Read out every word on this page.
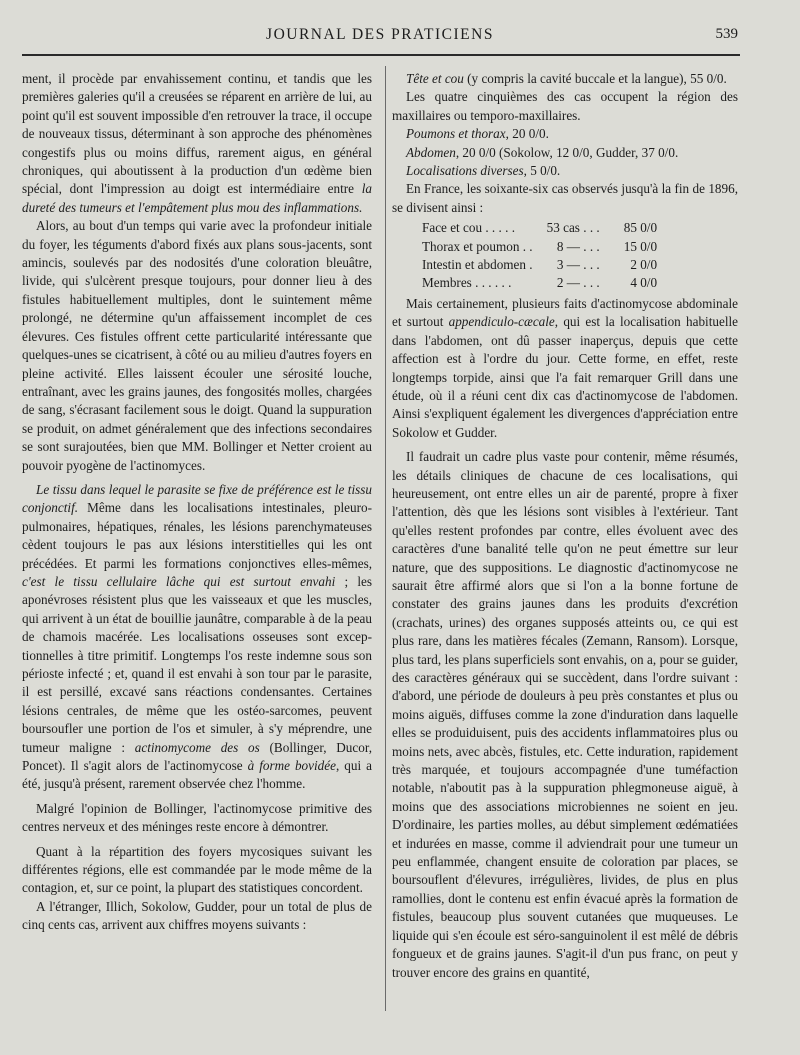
JOURNAL DES PRATICIENS	539

ment, il procède par envahissement continu, et tandis que les premières galeries qu'il a creusées se réparent en arrière de lui, au point qu'il est souvent impossible d'en retrouver la trace, il occupe de nouveaux tissus, déterminant à son approche des phénomènes congestifs plus ou moins diffus, rarement aigus, en général chroniques, qui aboutissent à la production d'un œdème bien spécial, dont l'impression au doigt est intermédiaire entre la dureté des tumeurs et l'empâtement plus mou des inflammations.

Alors, au bout d'un temps qui varie avec la profondeur initiale du foyer, les téguments d'abord fixés aux plans sous-jacents, sont amincis, soulevés par des nodosités d'une coloration bleuâtre, livide, qui s'ulcèrent presque toujours, pour donner lieu à des fistules habituellement multiples, dont le suintement même prolongé, ne détermine qu'un affaissement incomplet de ces élevures. Ces fistules offrent cette particularité intéressante que quelques-unes se cicatrisent, à côté ou au milieu d'autres foyers en pleine activité. Elles laissent écouler une sérosité louche, entraînant, avec les grains jaunes, des fongosités molles, chargées de sang, s'écrasant facilement sous le doigt. Quand la suppuration se produit, on admet généralement que des infections secondaires se sont surajoutées, bien que MM. Bollinger et Netter croient au pouvoir pyogène de l'actinomyces.

Le tissu dans lequel le parasite se fixe de préférence est le tissu conjonctif. Même dans les localisations intestinales, pleuro-pulmonaires, hépatiques, rénales, les lésions parenchymateuses cèdent toujours le pas aux lésions interstitielles qui les ont précédées. Et parmi les formations conjonctives elles-mêmes, c'est le tissu cellulaire lâche qui est surtout envahi ; les aponévroses résistent plus que les vaisseaux et que les muscles, qui arrivent à un état de bouillie jaunâtre, comparable à de la peau de chamois macérée. Les localisations osseuses sont exceptionnelles à titre primitif. Longtemps l'os reste indemne sous son périoste infecté ; et, quand il est envahi à son tour par le parasite, il est persillé, excavé sans réactions condensantes. Certaines lésions centrales, de même que les ostéo-sarcomes, peuvent boursoufler une portion de l'os et simuler, à s'y méprendre, une tumeur maligne : actinomycome des os (Bollinger, Ducor, Poncet). Il s'agit alors de l'actinomycose à forme bovidée, qui a été, jusqu'à présent, rarement observée chez l'homme.

Malgré l'opinion de Bollinger, l'actinomycose primitive des centres nerveux et des méninges reste encore à démontrer.

Quant à la répartition des foyers mycosiques suivant les différentes régions, elle est commandée par le mode même de la contagion, et, sur ce point, la plupart des statistiques concordent.

A l'étranger, Illich, Sokolow, Gudder, pour un total de plus de cinq cents cas, arrivent aux chiffres moyens suivants :

Tête et cou (y compris la cavité buccale et la langue), 55 0/0.

Les quatre cinquièmes des cas occupent la région des maxillaires ou temporo-maxillaires.

Poumons et thorax, 20 0/0.

Abdomen, 20 0/0 (Sokolow, 12 0/0, Gudder, 37 0/0.

Localisations diverses, 5 0/0.

En France, les soixante-six cas observés jusqu'à la fin de 1896, se divisent ainsi :

Face et cou . . . . .	53 cas . . .	85 0/0
Thorax et poumon . .	8 — . . .	15 0/0
Intestin et abdomen .	3 — . . .	2 0/0
Membres . . . . . .	2 — . . .	4 0/0

Mais certainement, plusieurs faits d'actinomycose abdominale et surtout appendiculo-cæcale, qui est la localisation habituelle dans l'abdomen, ont dû passer inaperçus, depuis que cette affection est à l'ordre du jour. Cette forme, en effet, reste longtemps torpide, ainsi que l'a fait remarquer Grill dans une étude, où il a réuni cent dix cas d'actinomycose de l'abdomen. Ainsi s'expliquent également les divergences d'appréciation entre Sokolow et Gudder.

Il faudrait un cadre plus vaste pour contenir, même résumés, les détails cliniques de chacune de ces localisations, qui heureusement, ont entre elles un air de parenté, propre à fixer l'attention, dès que les lésions sont visibles à l'extérieur. Tant qu'elles restent profondes par contre, elles évoluent avec des caractères d'une banalité telle qu'on ne peut émettre sur leur nature, que des suppositions. Le diagnostic d'actinomycose ne saurait être affirmé alors que si l'on a la bonne fortune de constater des grains jaunes dans les produits d'excrétion (crachats, urines) des organes supposés atteints ou, ce qui est plus rare, dans les matières fécales (Zemann, Ransom). Lorsque, plus tard, les plans superficiels sont envahis, on a, pour se guider, des caractères généraux qui se succèdent, dans l'ordre suivant : d'abord, une période de douleurs à peu près constantes et plus ou moins aiguës, diffuses comme la zone d'induration dans laquelle elles se produiduisent, puis des accidents inflammatoires plus ou moins nets, avec abcès, fistules, etc. Cette induration, rapidement très marquée, et toujours accompagnée d'une tuméfaction notable, n'aboutit pas à la suppuration phlegmoneuse aiguë, à moins que des associations microbiennes ne soient en jeu. D'ordinaire, les parties molles, au début simplement œdématiées et indurées en masse, comme il adviendrait pour une tumeur un peu enflammée, changent ensuite de coloration par places, se boursouflent d'élevures, irrégulières, livides, de plus en plus ramollies, dont le contenu est enfin évacué après la formation de fistules, beaucoup plus souvent cutanées que muqueuses. Le liquide qui s'en écoule est séro-sanguinolent il est mêlé de débris fongueux et de grains jaunes. S'agit-il d'un pus franc, on peut y trouver encore des grains en quantité,
